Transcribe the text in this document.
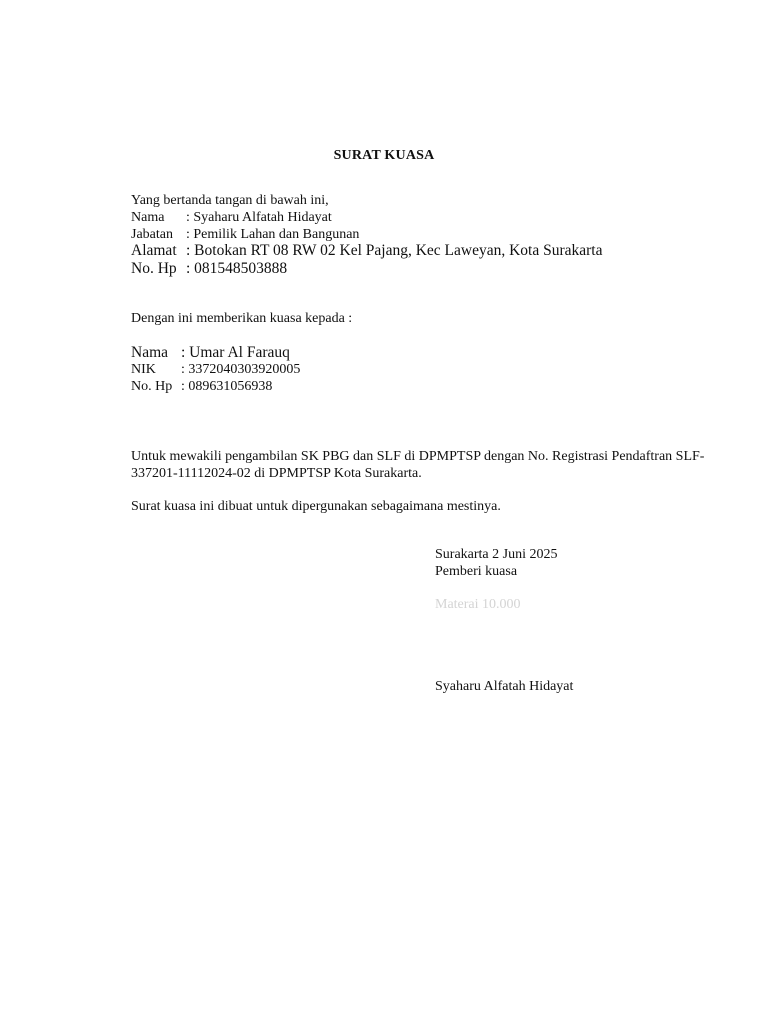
SURAT KUASA
Yang bertanda tangan di bawah ini,
Nama : Syaharu Alfatah Hidayat
Jabatan : Pemilik Lahan dan Bangunan
Alamat : Botokan RT 08 RW 02 Kel Pajang, Kec Laweyan, Kota Surakarta
No. Hp : 081548503888
Dengan ini memberikan kuasa kepada :
Nama : Umar Al Farauq
NIK : 3372040303920005
No. Hp : 089631056938
Untuk mewakili pengambilan SK PBG dan SLF di DPMPTSP dengan No. Registrasi Pendaftran SLF-337201-11112024-02 di DPMPTSP Kota Surakarta.
Surat kuasa ini dibuat untuk dipergunakan sebagaimana mestinya.
Surakarta 2 Juni 2025
Pemberi kuasa
Materai 10.000
Syaharu Alfatah Hidayat
